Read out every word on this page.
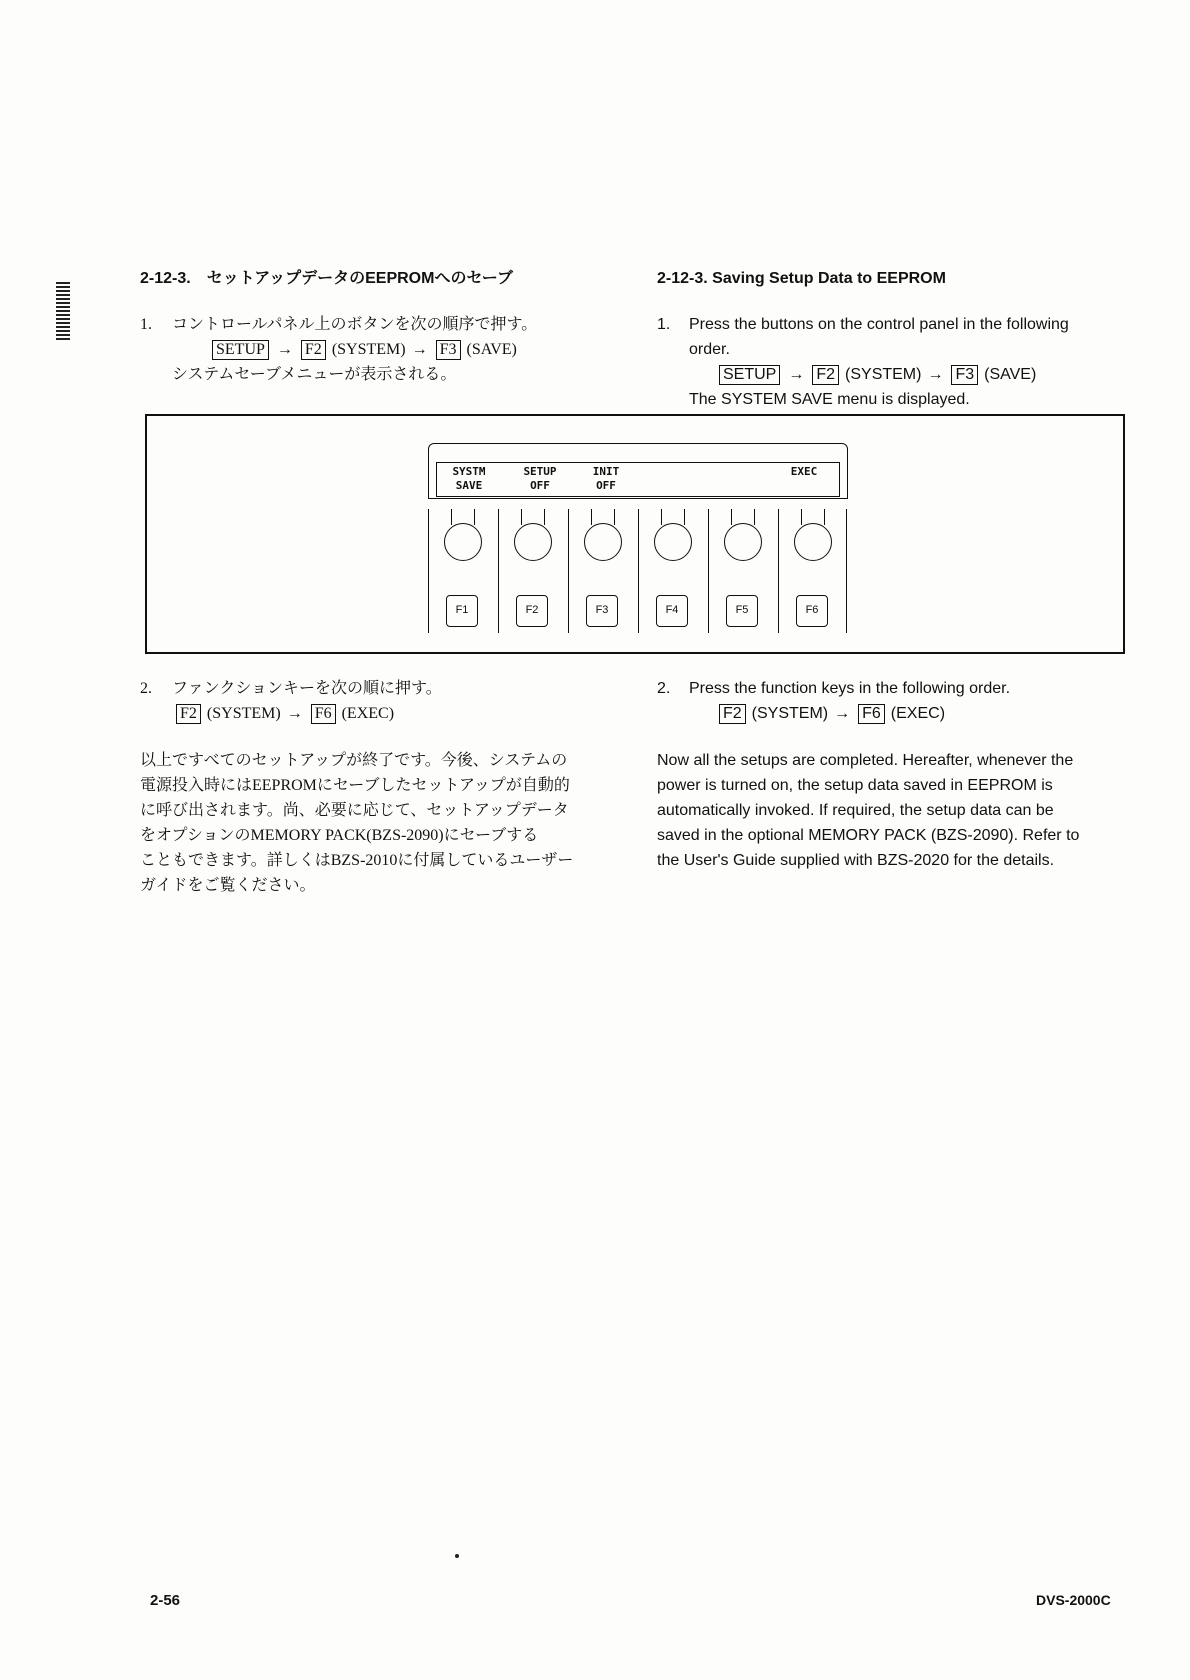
2-12-3.　セットアップデータのEEPROMへのセーブ
1. コントロールパネル上のボタンを次の順序で押す。
SETUP → F2 (SYSTEM) → F3 (SAVE)
システムセーブメニューが表示される。
2-12-3. Saving Setup Data to EEPROM
1. Press the buttons on the control panel in the following
order.
SETUP → F2 (SYSTEM) → F3 (SAVE)
The SYSTEM SAVE menu is displayed.
SYSTM
SAVE
SETUP
OFF
INIT
OFF
EXEC
F1	F2	F3	F4	F5	F6
2. ファンクションキーを次の順に押す。
F2 (SYSTEM) → F6 (EXEC)
2. Press the function keys in the following order.
F2 (SYSTEM) → F6 (EXEC)
以上ですべてのセットアップが終了です。今後、システムの
電源投入時にはEEPROMにセーブしたセットアップが自動的
に呼び出されます。尚、必要に応じて、セットアップデータ
をオプションのMEMORY PACK(BZS-2090)にセーブする
こともできます。詳しくはBZS-2010に付属しているユーザー
ガイドをご覧ください。
Now all the setups are completed. Hereafter, whenever the
power is turned on, the setup data saved in EEPROM is
automatically invoked. If required, the setup data can be
saved in the optional MEMORY PACK (BZS-2090). Refer to
the User's Guide supplied with BZS-2020 for the details.
2-56	DVS-2000C
